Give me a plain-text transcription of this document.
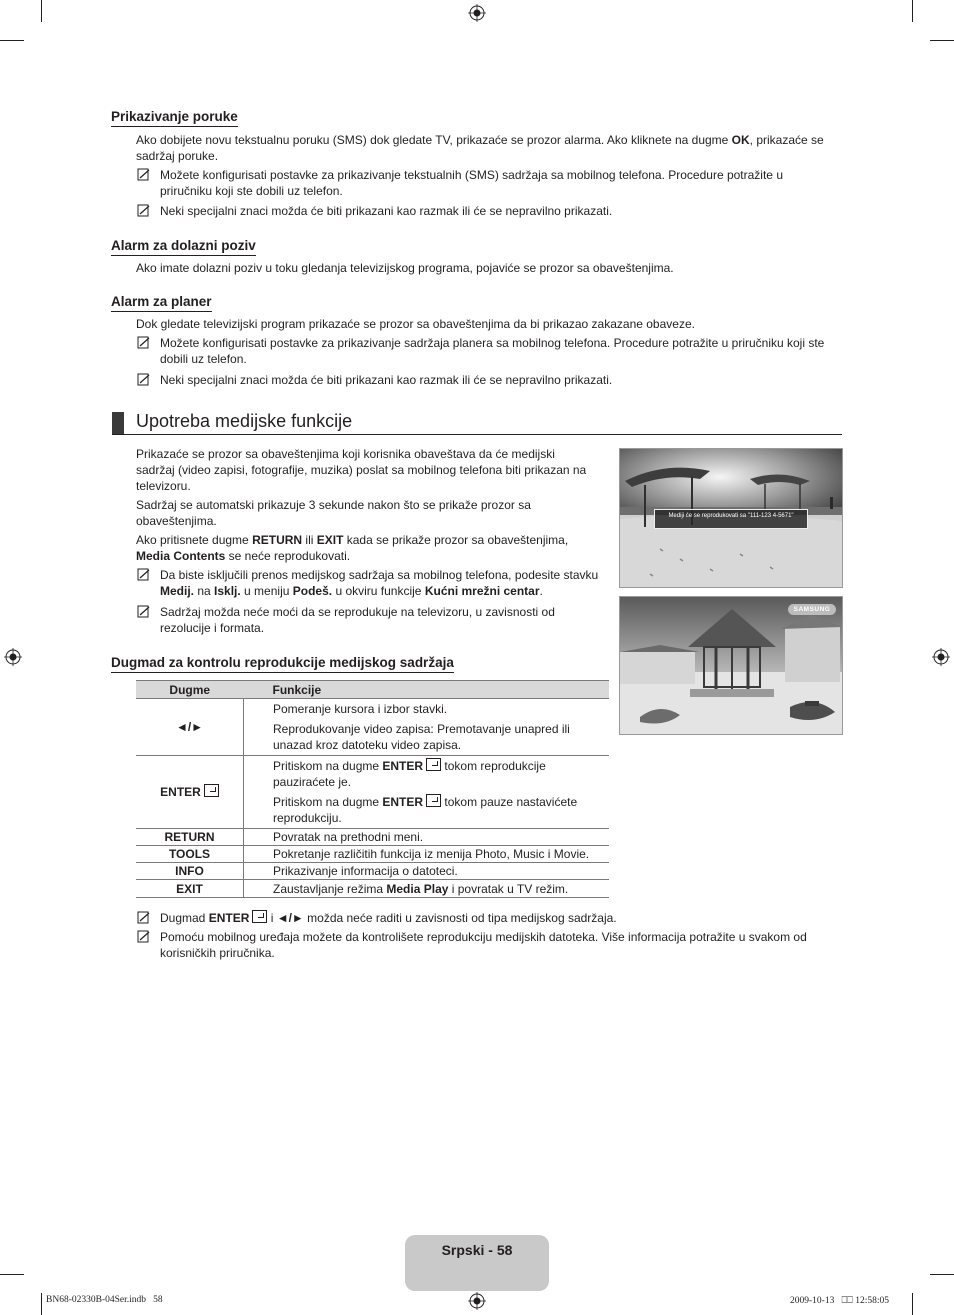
Prikazivanje poruke
Ako dobijete novu tekstualnu poruku (SMS) dok gledate TV, prikazaće se prozor alarma. Ako kliknete na dugme OK, prikazaće se
sadržaj poruke.
Možete konfigurisati postavke za prikazivanje tekstualnih (SMS) sadržaja sa mobilnog telefona. Procedure potražite u
priručniku koji ste dobili uz telefon.
Neki specijalni znaci možda će biti prikazani kao razmak ili će se nepravilno prikazati.
Alarm za dolazni poziv
Ako imate dolazni poziv u toku gledanja televizijskog programa, pojaviće se prozor sa obaveštenjima.
Alarm za planer
Dok gledate televizijski program prikazaće se prozor sa obaveštenjima da bi prikazao zakazane obaveze.
Možete konfigurisati postavke za prikazivanje sadržaja planera sa mobilnog telefona. Procedure potražite u priručniku koji ste
dobili uz telefon.
Neki specijalni znaci možda će biti prikazani kao razmak ili će se nepravilno prikazati.
Upotreba medijske funkcije
Prikazaće se prozor sa obaveštenjima koji korisnika obaveštava da će medijski
sadržaj (video zapisi, fotografije, muzika) poslat sa mobilnog telefona biti prikazan na
televizoru.
Sadržaj se automatski prikazuje 3 sekunde nakon što se prikaže prozor sa
obaveštenjima.
Ako pritisnete dugme RETURN ili EXIT kada se prikaže prozor sa obaveštenjima,
Media Contents se neće reprodukovati.
Da biste isključili prenos medijskog sadržaja sa mobilnog telefona, podesite stavku
Medij. na Isklj. u meniju Podeš. u okviru funkcije Kućni mrežni centar.
Sadržaj možda neće moći da se reprodukuje na televizoru, u zavisnosti od
rezolucije i formata.
Mediji će se reprodukovati sa "111-123 4-5671"
SAMSUNG
Dugmad za kontrolu reprodukcije medijskog sadržaja
Dugme	Funkcije
◄/►	Pomeranje kursora i izbor stavki.
Reprodukovanje video zapisa: Premotavanje unapred ili
unazad kroz datoteku video zapisa.

ENTER	Pritiskom na dugme ENTER tokom reprodukcije
pauziraćete je.
Pritiskom na dugme ENTER tokom pauze nastavićete
reprodukciju.

RETURN	Povratak na prethodni meni.
TOOLS	Pokretanje različitih funkcija iz menija Photo, Music i Movie.
INFO	Prikazivanje informacija o datoteci.
EXIT	Zaustavljanje režima Media Play i povratak u TV režim.
Dugmad ENTER i ◄/► možda neće raditi u zavisnosti od tipa medijskog sadržaja.
Pomoću mobilnog uređaja možete da kontrolišete reprodukciju medijskih datoteka. Više informacija potražite u svakom od
korisničkih priručnika.
Srpski - 58
BN68-02330B-04Ser.indb   58	2009-10-13   ⎕⎕ 12:58:05
